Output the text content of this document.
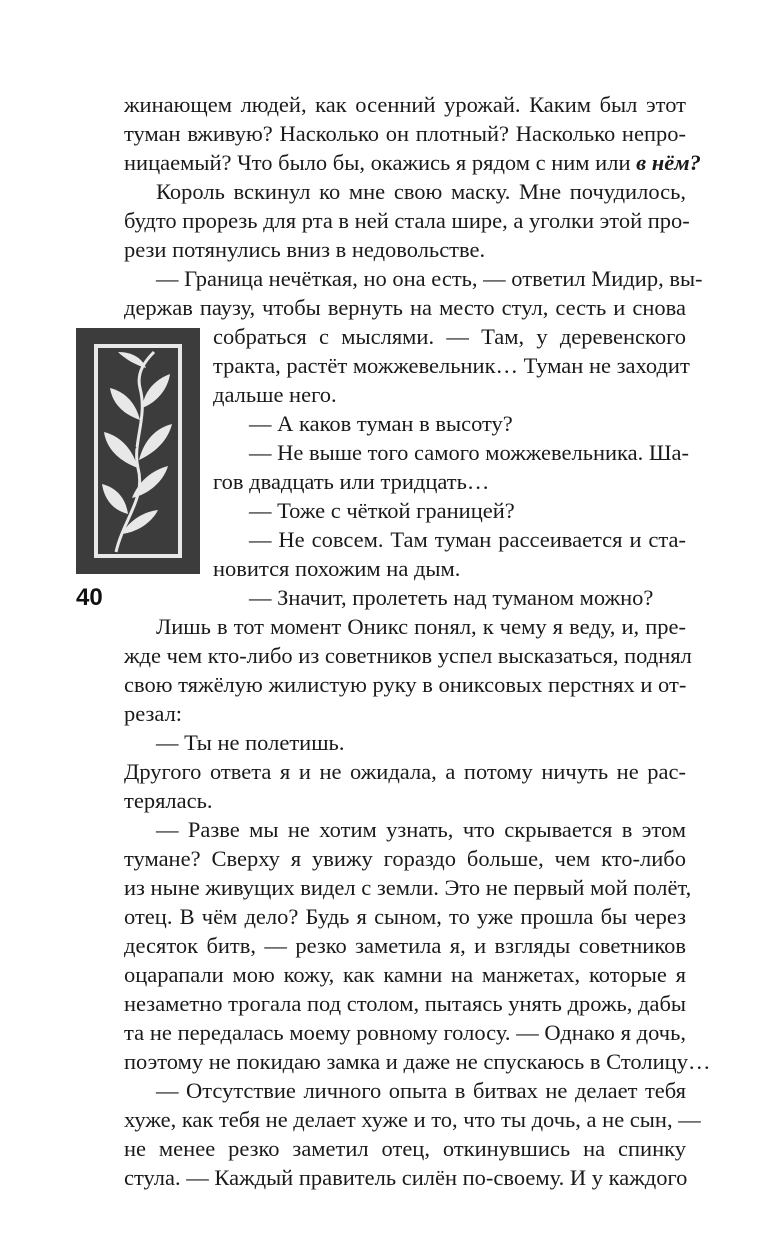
жинающем людей, как осенний урожай. Каким был этот
туман вживую? Насколько он плотный? Насколько непро-
ницаемый? Что было бы, окажись я рядом с ним или в нём?
Король вскинул ко мне свою маску. Мне почудилось,
будто прорезь для рта в ней стала шире, а уголки этой про-
рези потянулись вниз в недовольстве.
— Граница нечёткая, но она есть, — ответил Мидир, вы-
держав паузу, чтобы вернуть на место стул, сесть и снова
собраться с мыслями. — Там, у деревенского
тракта, растёт можжевельник… Туман не заходит
дальше него.
— А каков туман в высоту?
— Не выше того самого можжевельника. Ша-
гов двадцать или тридцать…
— Тоже с чёткой границей?
— Не совсем. Там туман рассеивается и ста-
новится похожим на дым.
— Значит, пролететь над туманом можно?
40
Лишь в тот момент Оникс понял, к чему я веду, и, пре-
жде чем кто-либо из советников успел высказаться, поднял
свою тяжёлую жилистую руку в ониксовых перстнях и от-
резал:
— Ты не полетишь.
Другого ответа я и не ожидала, а потому ничуть не рас-
терялась.
— Разве мы не хотим узнать, что скрывается в этом
тумане? Сверху я увижу гораздо больше, чем кто-либо
из ныне живущих видел с земли. Это не первый мой полёт,
отец. В чём дело? Будь я сыном, то уже прошла бы через
десяток битв, — резко заметила я, и взгляды советников
оцарапали мою кожу, как камни на манжетах, которые я
незаметно трогала под столом, пытаясь унять дрожь, дабы
та не передалась моему ровному голосу. — Однако я дочь,
поэтому не покидаю замка и даже не спускаюсь в Столицу…
— Отсутствие личного опыта в битвах не делает тебя
хуже, как тебя не делает хуже и то, что ты дочь, а не сын, —
не менее резко заметил отец, откинувшись на спинку
стула. — Каждый правитель силён по-своему. И у каждого
